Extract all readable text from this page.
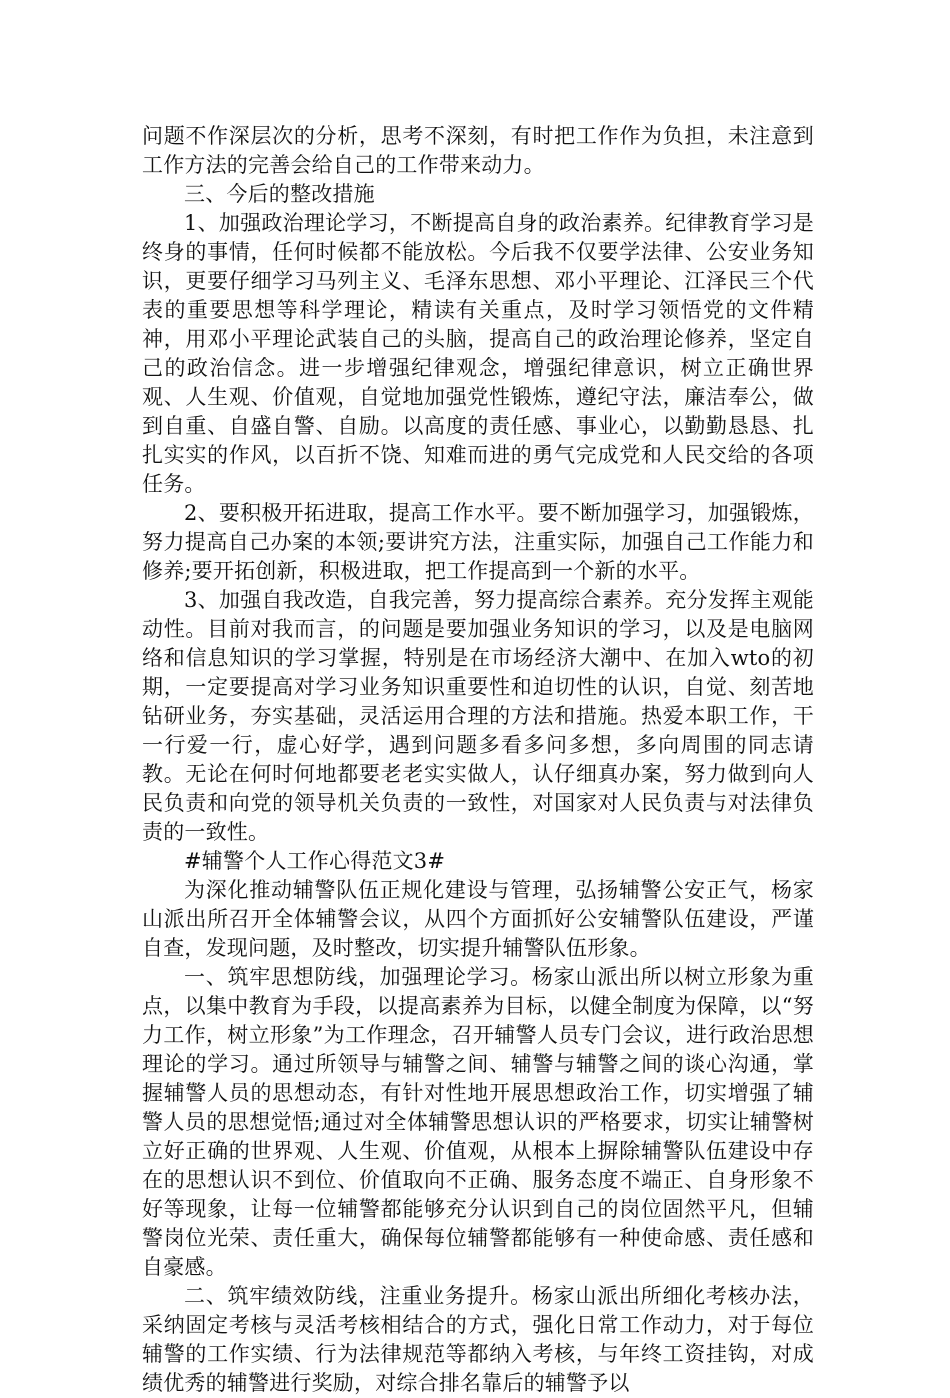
问题不作深层次的分析，思考不深刻，有时把工作作为负担，未注意到工作方法的完善会给自己的工作带来动力。

三、今后的整改措施

1、加强政治理论学习，不断提高自身的政治素养。纪律教育学习是终身的事情，任何时候都不能放松。今后我不仅要学法律、公安业务知识，更要仔细学习马列主义、毛泽东思想、邓小平理论、江泽民三个代表的重要思想等科学理论，精读有关重点，及时学习领悟党的文件精神，用邓小平理论武装自己的头脑，提高自己的政治理论修养，坚定自己的政治信念。进一步增强纪律观念，增强纪律意识，树立正确世界观、人生观、价值观，自觉地加强党性锻炼，遵纪守法，廉洁奉公，做到自重、自盛自警、自励。以高度的责任感、事业心，以勤勤恳恳、扎扎实实的作风，以百折不饶、知难而进的勇气完成党和人民交给的各项任务。

2、要积极开拓进取，提高工作水平。要不断加强学习，加强锻炼，努力提高自己办案的本领;要讲究方法，注重实际，加强自己工作能力和修养;要开拓创新，积极进取，把工作提高到一个新的水平。

3、加强自我改造，自我完善，努力提高综合素养。充分发挥主观能动性。目前对我而言，的问题是要加强业务知识的学习，以及是电脑网络和信息知识的学习掌握，特别是在市场经济大潮中、在加入wto的初期，一定要提高对学习业务知识重要性和迫切性的认识，自觉、刻苦地钻研业务，夯实基础，灵活运用合理的方法和措施。热爱本职工作，干一行爱一行，虚心好学，遇到问题多看多问多想，多向周围的同志请教。无论在何时何地都要老老实实做人，认仔细真办案，努力做到向人民负责和向党的领导机关负责的一致性，对国家对人民负责与对法律负责的一致性。

#辅警个人工作心得范文3#

为深化推动辅警队伍正规化建设与管理，弘扬辅警公安正气，杨家山派出所召开全体辅警会议，从四个方面抓好公安辅警队伍建设，严谨自查，发现问题，及时整改，切实提升辅警队伍形象。

一、筑牢思想防线，加强理论学习。杨家山派出所以树立形象为重点，以集中教育为手段，以提高素养为目标，以健全制度为保障，以“努力工作，树立形象”为工作理念，召开辅警人员专门会议，进行政治思想理论的学习。通过所领导与辅警之间、辅警与辅警之间的谈心沟通，掌握辅警人员的思想动态，有针对性地开展思想政治工作，切实增强了辅警人员的思想觉悟;通过对全体辅警思想认识的严格要求，切实让辅警树立好正确的世界观、人生观、价值观，从根本上摒除辅警队伍建设中存在的思想认识不到位、价值取向不正确、服务态度不端正、自身形象不好等现象，让每一位辅警都能够充分认识到自己的岗位固然平凡，但辅警岗位光荣、责任重大，确保每位辅警都能够有一种使命感、责任感和自豪感。

二、筑牢绩效防线，注重业务提升。杨家山派出所细化考核办法，采纳固定考核与灵活考核相结合的方式，强化日常工作动力，对于每位辅警的工作实绩、行为法律规范等都纳入考核，与年终工资挂钩，对成绩优秀的辅警进行奖励，对综合排名靠后的辅警予以
